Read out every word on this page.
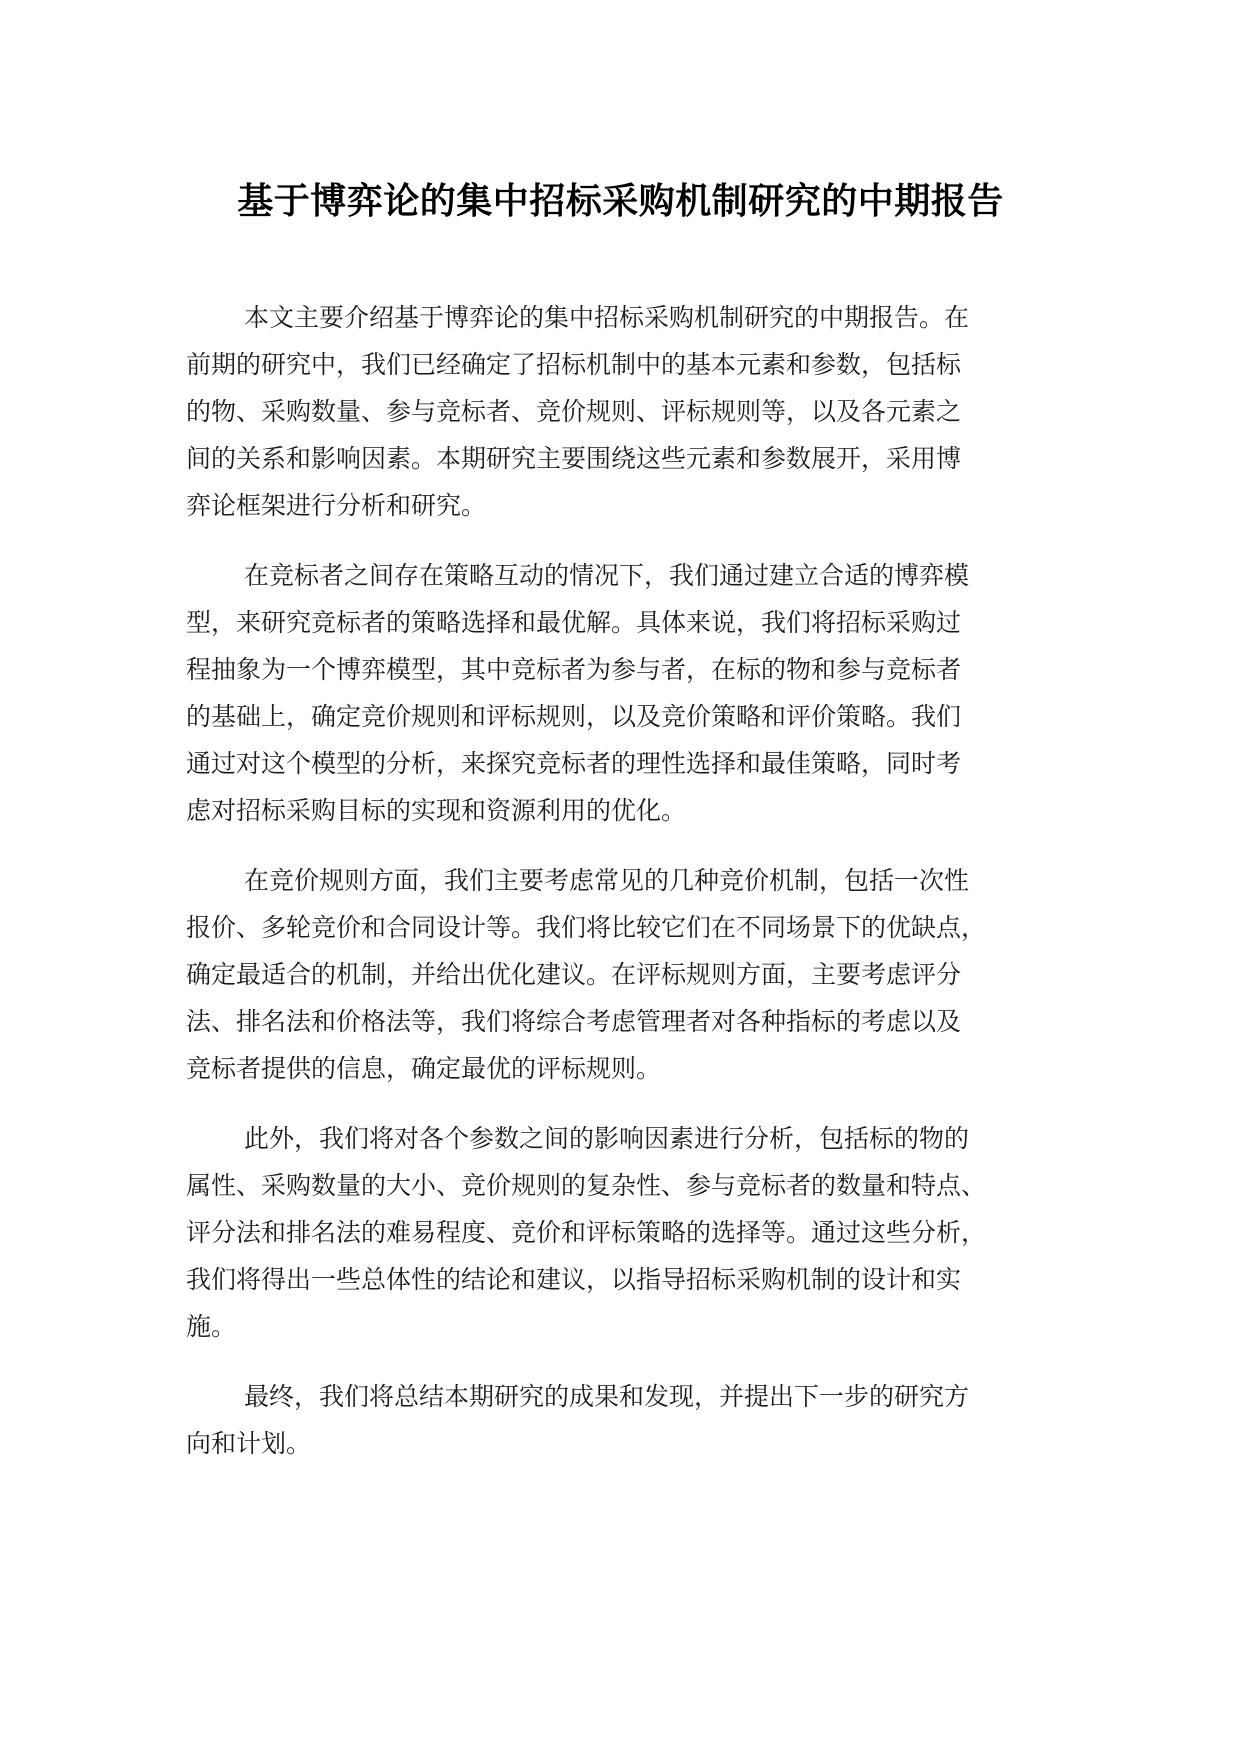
基于博弈论的集中招标采购机制研究的中期报告

本文主要介绍基于博弈论的集中招标采购机制研究的中期报告。在
前期的研究中，我们已经确定了招标机制中的基本元素和参数，包括标
的物、采购数量、参与竞标者、竞价规则、评标规则等，以及各元素之
间的关系和影响因素。本期研究主要围绕这些元素和参数展开，采用博
弈论框架进行分析和研究。

在竞标者之间存在策略互动的情况下，我们通过建立合适的博弈模
型，来研究竞标者的策略选择和最优解。具体来说，我们将招标采购过
程抽象为一个博弈模型，其中竞标者为参与者，在标的物和参与竞标者
的基础上，确定竞价规则和评标规则，以及竞价策略和评价策略。我们
通过对这个模型的分析，来探究竞标者的理性选择和最佳策略，同时考
虑对招标采购目标的实现和资源利用的优化。

在竞价规则方面，我们主要考虑常见的几种竞价机制，包括一次性
报价、多轮竞价和合同设计等。我们将比较它们在不同场景下的优缺点，
确定最适合的机制，并给出优化建议。在评标规则方面，主要考虑评分
法、排名法和价格法等，我们将综合考虑管理者对各种指标的考虑以及
竞标者提供的信息，确定最优的评标规则。

此外，我们将对各个参数之间的影响因素进行分析，包括标的物的
属性、采购数量的大小、竞价规则的复杂性、参与竞标者的数量和特点、
评分法和排名法的难易程度、竞价和评标策略的选择等。通过这些分析，
我们将得出一些总体性的结论和建议，以指导招标采购机制的设计和实
施。

最终，我们将总结本期研究的成果和发现，并提出下一步的研究方
向和计划。
